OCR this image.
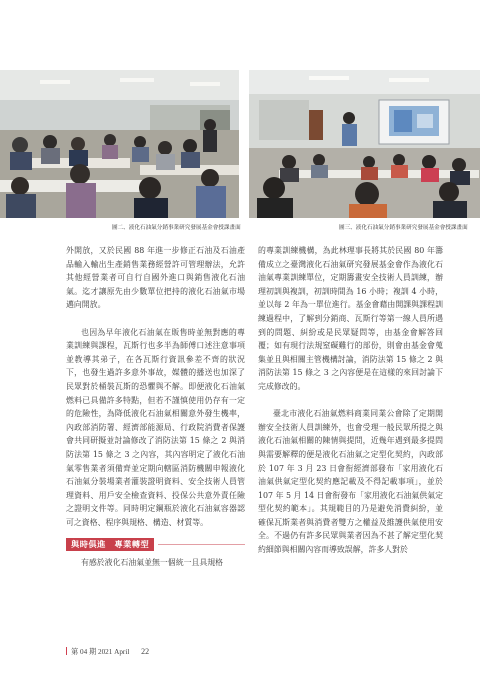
圖二、液化石油氣分銷事業研究發展基金會授課畫面	圖三、液化石油氣分銷事業研究發展基金會授課畫面

外開放，又於民國 88 年進一步修正石油及石油產品輸入輸出生產銷售業務經營許可管理辦法，允許其他經營業者可自行自國外進口與銷售液化石油氣。迄才讓原先由少數單位把持的液化石油氣市場邁向開放。

也因為早年液化石油氣在販售時並無對應的專業訓練與課程，瓦斯行也多半為師傅口述注意事項並教導其弟子，在各瓦斯行資訊參差不齊的狀況下，也發生過許多意外事故，媒體的播送也加深了民眾對於桶裝瓦斯的恐懼與不解。即便液化石油氣燃料已具備許多特點，但若不謹慎使用仍存有一定的危險性，為降低液化石油氣相關意外發生機率，內政部消防署、經濟部能源局、行政院消費者保護會共同研擬並討論修改了消防法第 15 條之 2 與消防法第 15 條之 3 之內容，其內容明定了液化石油氣零售業者須備齊並定期向轄區消防機關申報液化石油氣分裝場業者灌裝證明資料、安全技術人員管理資料、用戶安全檢查資料、投保公共意外責任險之證明文件等。同時明定鋼瓶於液化石油氣容器認可之資格、程序與規格、構造、材質等。

與時俱進　專業轉型

有感於液化石油氣並無一個統一且具規格

的專業訓練機構，為此林理事長將其於民國 80 年籌備成立之臺灣液化石油氣研究發展基金會作為液化石油氣專業訓練單位，定期籌畫安全技術人員訓練，辦理初訓與複訓，初訓時間為 16 小時；複訓 4 小時，並以每 2 年為一單位進行。基金會藉由開課與課程訓練過程中，了解到分銷商、瓦斯行等第一線人員所遇到的問題、糾紛或是民眾疑問等，由基金會解答回覆；如有現行法規窒礙難行的部份，則會由基金會蒐集並且與相關主管機構討論，消防法第 15 條之 2 與消防法第 15 條之 3 之內容便是在這樣的來回討論下完成修改的。

臺北市液化石油氣燃料商業同業公會除了定期開辦安全技術人員訓練外，也會受理一般民眾所提之與液化石油氣相關的陳情與提問，近幾年遇到最多提問與需要解釋的便是液化石油氣之定型化契約，內政部於 107 年 3 月 23 日會衔經濟部發布「家用液化石油氣供氣定型化契約應記載及不得記載事項」，並於 107 年 5 月 14 日會衔發布「家用液化石油氣供氣定型化契約範本」。其規範目的乃是避免消費糾紛，並確保瓦斯業者與消費者雙方之權益及維護供氣使用安全。不過仍有許多民眾與業者因為不甚了解定型化契約細節與相關內容而導致誤解，許多人對於

第 04 期 2021 April 22
